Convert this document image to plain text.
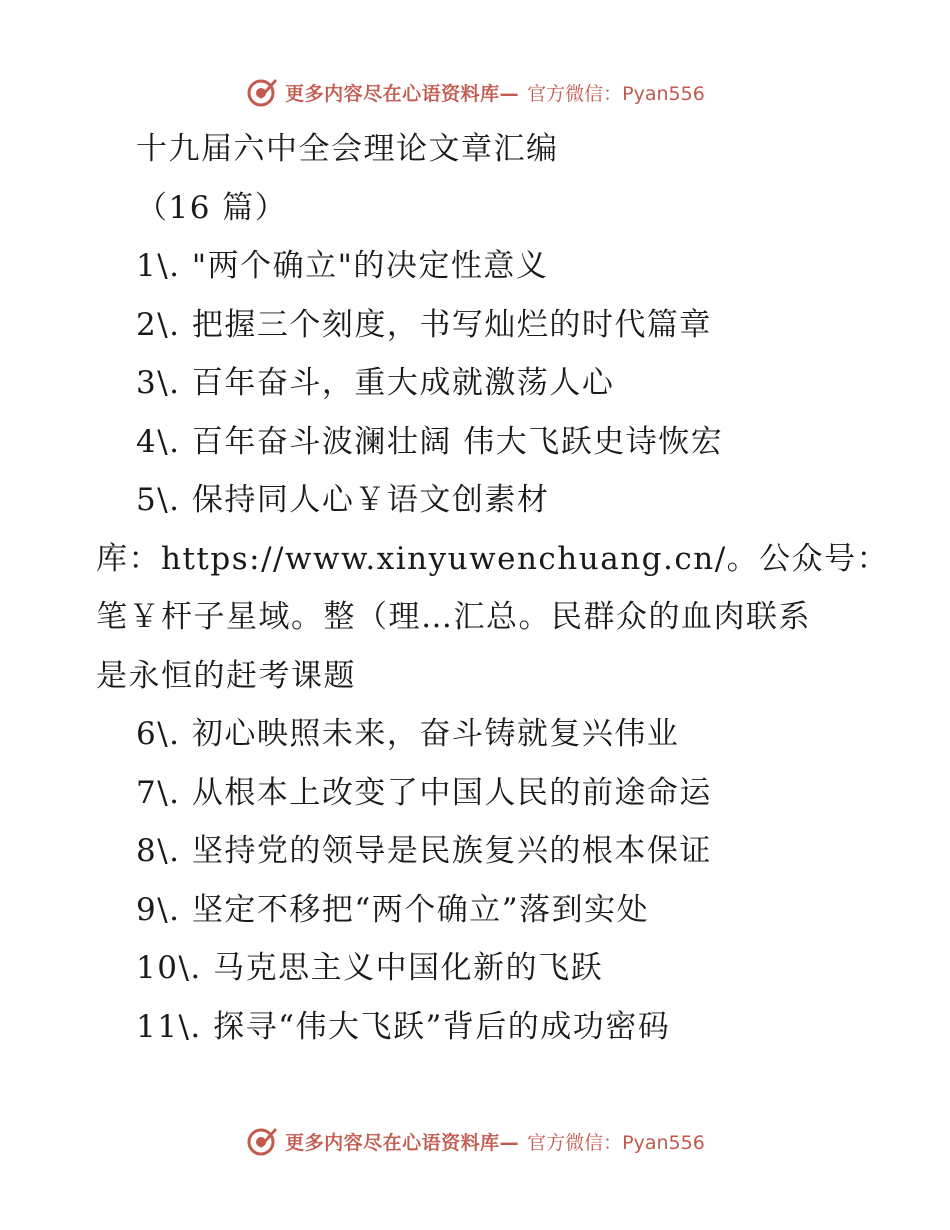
更多内容尽在心语资料库— 官方微信：Pyan556
十九届六中全会理论文章汇编
（16 篇）
1\. "两个确立"的决定性意义
2\. 把握三个刻度，书写灿烂的时代篇章
3\. 百年奋斗，重大成就激荡人心
4\. 百年奋斗波澜壮阔 伟大飞跃史诗恢宏
5\. 保持同人心￥语文创素材
库：https://www.xinyuwenchuang.cn/。公众号：
笔￥杆子星域。整（理…汇总。民群众的血肉联系
是永恒的赶考课题
6\. 初心映照未来，奋斗铸就复兴伟业
7\. 从根本上改变了中国人民的前途命运
8\. 坚持党的领导是民族复兴的根本保证
9\. 坚定不移把“两个确立”落到实处
10\. 马克思主义中国化新的飞跃
11\. 探寻“伟大飞跃”背后的成功密码
更多内容尽在心语资料库— 官方微信：Pyan556
